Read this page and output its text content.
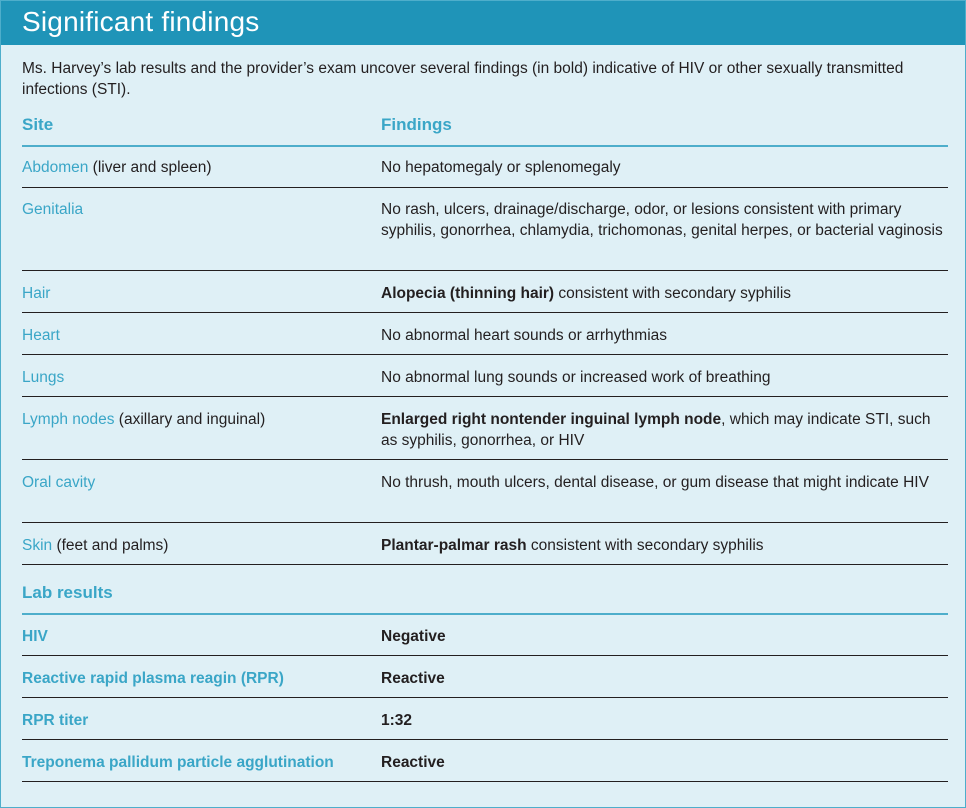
Significant findings
Ms. Harvey’s lab results and the provider’s exam uncover several findings (in bold) indicative of HIV or other sexually transmitted infections (STI).
Site	Findings
Abdomen (liver and spleen)	No hepatomegaly or splenomegaly
Genitalia	No rash, ulcers, drainage/discharge, odor, or lesions consistent with primary syphilis, gonorrhea, chlamydia, trichomonas, genital herpes, or bacterial vaginosis
Hair	Alopecia (thinning hair) consistent with secondary syphilis
Heart	No abnormal heart sounds or arrhythmias
Lungs	No abnormal lung sounds or increased work of breathing
Lymph nodes (axillary and inguinal)	Enlarged right nontender inguinal lymph node, which may indicate STI, such as syphilis, gonorrhea, or HIV
Oral cavity	No thrush, mouth ulcers, dental disease, or gum disease that might indicate HIV
Skin (feet and palms)	Plantar-palmar rash consistent with secondary syphilis
Lab results
HIV	Negative
Reactive rapid plasma reagin (RPR)	Reactive
RPR titer	1:32
Treponema pallidum particle agglutination	Reactive
